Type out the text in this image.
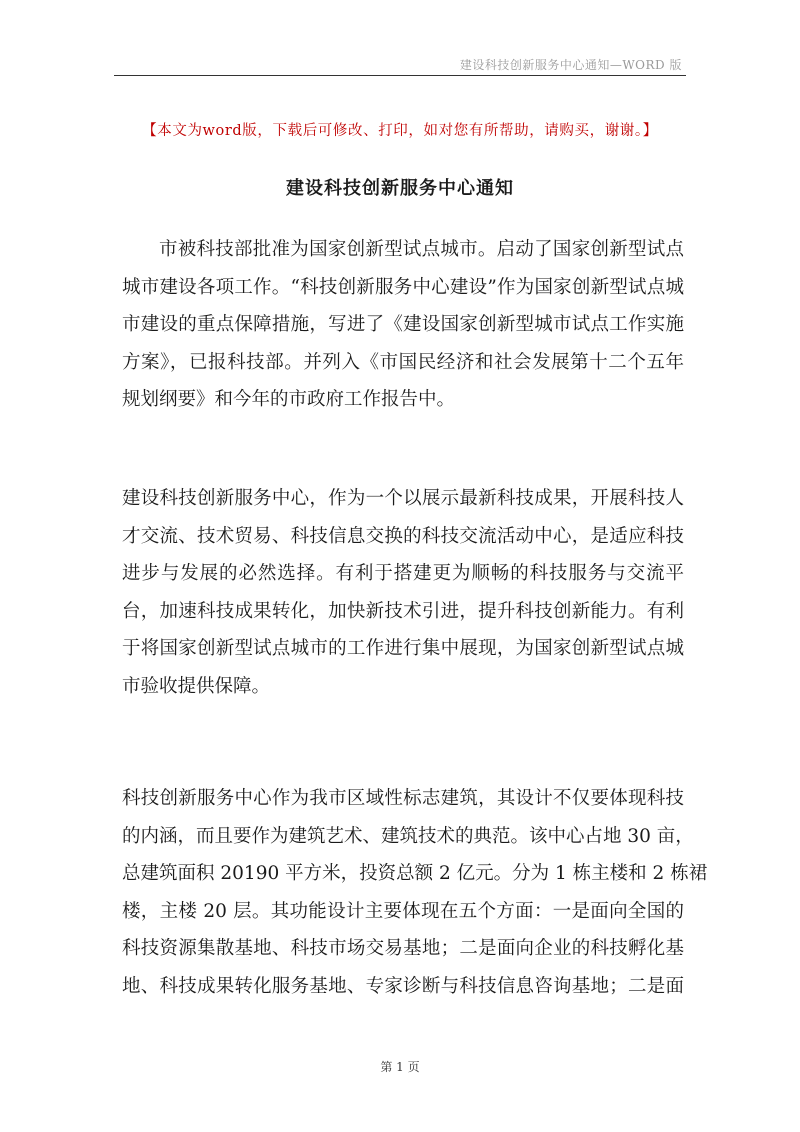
建设科技创新服务中心通知—WORD 版
【本文为word版，下载后可修改、打印，如对您有所帮助，请购买，谢谢。】
建设科技创新服务中心通知
市被科技部批准为国家创新型试点城市。启动了国家创新型试点
城市建设各项工作。“科技创新服务中心建设”作为国家创新型试点城
市建设的重点保障措施，写进了《建设国家创新型城市试点工作实施
方案》，已报科技部。并列入《市国民经济和社会发展第十二个五年
规划纲要》和今年的市政府工作报告中。
建设科技创新服务中心，作为一个以展示最新科技成果，开展科技人
才交流、技术贸易、科技信息交换的科技交流活动中心，是适应科技
进步与发展的必然选择。有利于搭建更为顺畅的科技服务与交流平
台，加速科技成果转化，加快新技术引进，提升科技创新能力。有利
于将国家创新型试点城市的工作进行集中展现，为国家创新型试点城
市验收提供保障。
科技创新服务中心作为我市区域性标志建筑，其设计不仅要体现科技
的内涵，而且要作为建筑艺术、建筑技术的典范。该中心占地 30 亩，
总建筑面积 20190 平方米，投资总额 2 亿元。分为 1 栋主楼和 2 栋裙
楼，主楼 20 层。其功能设计主要体现在五个方面：一是面向全国的
科技资源集散基地、科技市场交易基地；二是面向企业的科技孵化基
地、科技成果转化服务基地、专家诊断与科技信息咨询基地；二是面
第 1 页
